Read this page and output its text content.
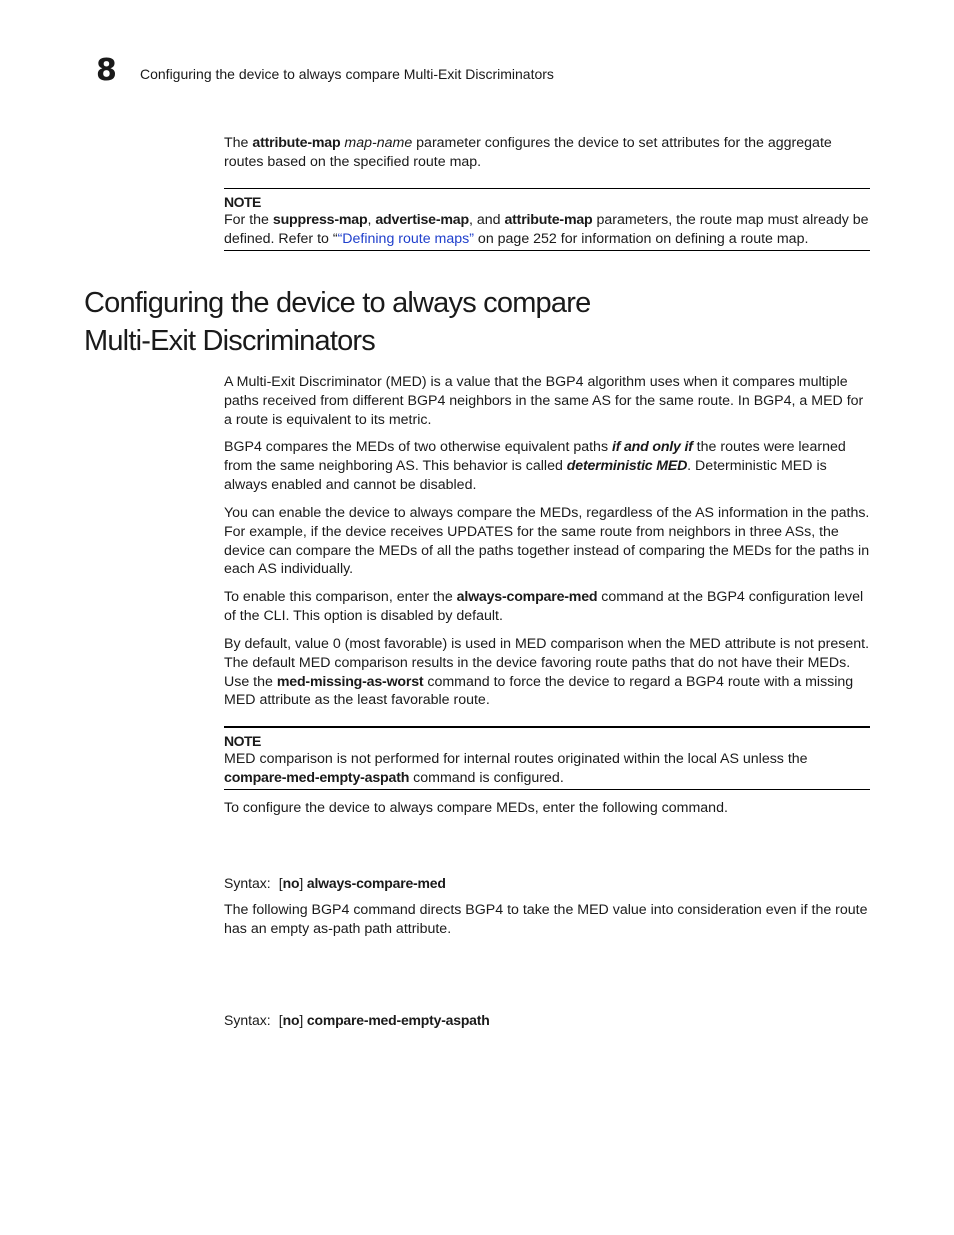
8 Configuring the device to always compare Multi-Exit Discriminators

The attribute-map map-name parameter configures the device to set attributes for the aggregate routes based on the specified route map.

NOTE

For the suppress-map, advertise-map, and attribute-map parameters, the route map must already be defined. Refer to ““Defining route maps” on page 252 for information on defining a route map.

Configuring the device to always compare
Multi-Exit Discriminators

A Multi-Exit Discriminator (MED) is a value that the BGP4 algorithm uses when it compares multiple paths received from different BGP4 neighbors in the same AS for the same route. In BGP4, a MED for a route is equivalent to its metric.

BGP4 compares the MEDs of two otherwise equivalent paths if and only if the routes were learned from the same neighboring AS. This behavior is called deterministic MED. Deterministic MED is always enabled and cannot be disabled.

You can enable the device to always compare the MEDs, regardless of the AS information in the paths. For example, if the device receives UPDATES for the same route from neighbors in three ASs, the device can compare the MEDs of all the paths together instead of comparing the MEDs for the paths in each AS individually.

To enable this comparison, enter the always-compare-med command at the BGP4 configuration level of the CLI. This option is disabled by default.

By default, value 0 (most favorable) is used in MED comparison when the MED attribute is not present. The default MED comparison results in the device favoring route paths that do not have their MEDs. Use the med-missing-as-worst command to force the device to regard a BGP4 route with a missing MED attribute as the least favorable route.

NOTE

MED comparison is not performed for internal routes originated within the local AS unless the compare-med-empty-aspath command is configured.

To configure the device to always compare MEDs, enter the following command.

Syntax: [no] always-compare-med

The following BGP4 command directs BGP4 to take the MED value into consideration even if the route has an empty as-path path attribute.

Syntax: [no] compare-med-empty-aspath
